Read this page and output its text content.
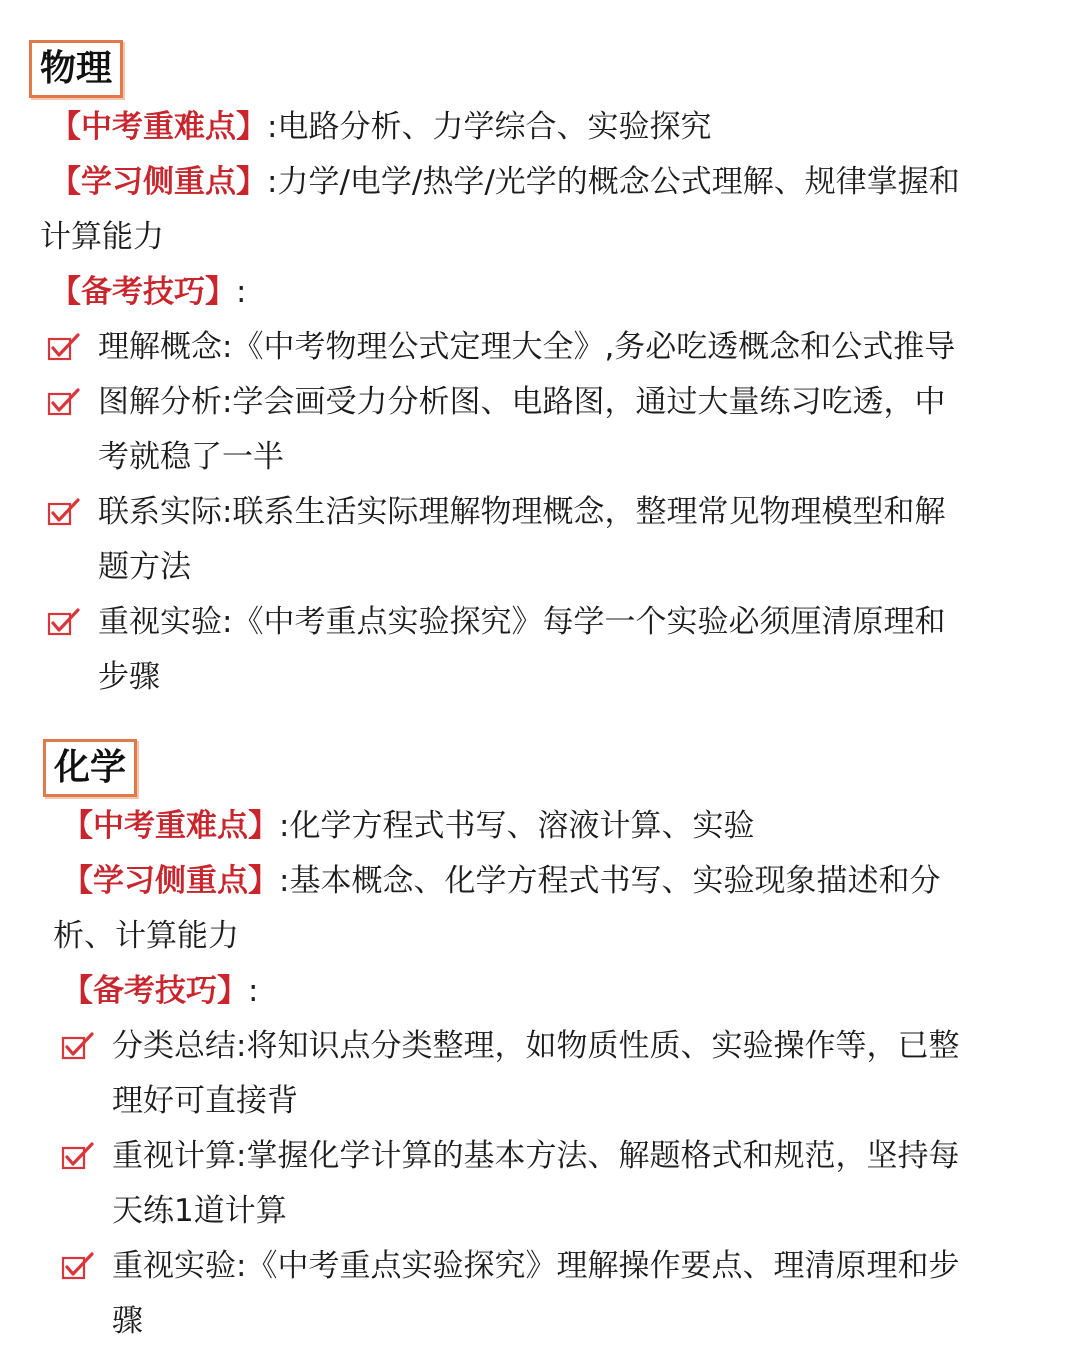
物理
【中考重难点】:电路分析、力学综合、实验探究
【学习侧重点】:力学/电学/热学/光学的概念公式理解、规律掌握和
计算能力
【备考技巧】:
理解概念:《中考物理公式定理大全》,务必吃透概念和公式推导
图解分析:学会画受力分析图、电路图，通过大量练习吃透，中
考就稳了一半
联系实际:联系生活实际理解物理概念，整理常见物理模型和解
题方法
重视实验:《中考重点实验探究》每学一个实验必须厘清原理和
步骤
化学
【中考重难点】:化学方程式书写、溶液计算、实验
【学习侧重点】:基本概念、化学方程式书写、实验现象描述和分
析、计算能力
【备考技巧】:
分类总结:将知识点分类整理，如物质性质、实验操作等，已整
理好可直接背
重视计算:掌握化学计算的基本方法、解题格式和规范，坚持每
天练1道计算
重视实验:《中考重点实验探究》理解操作要点、理清原理和步
骤
